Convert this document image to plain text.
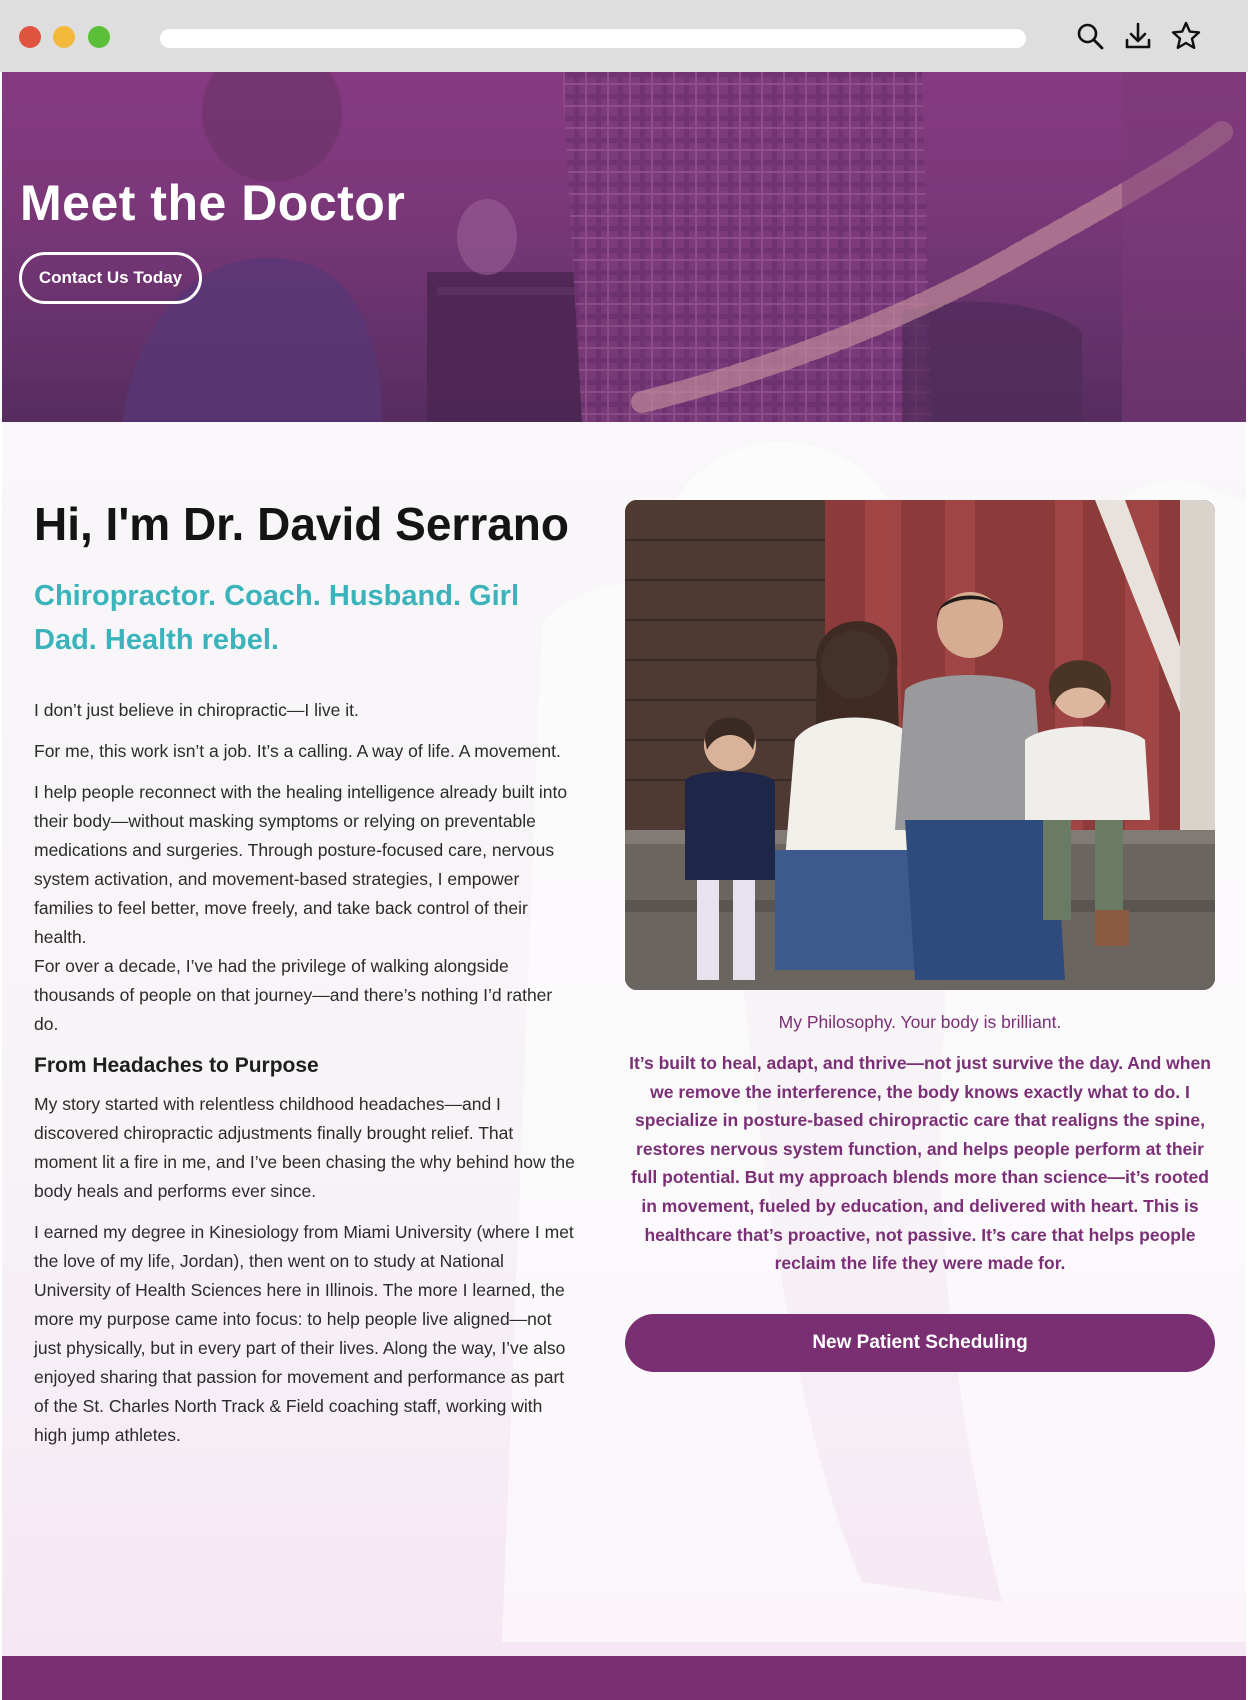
Meet the Doctor
Contact Us Today
Hi, I'm Dr. David Serrano

Chiropractor. Coach. Husband. Girl Dad. Health rebel.

I don’t just believe in chiropractic—I live it.

For me, this work isn’t a job. It’s a calling. A way of life. A movement.

I help people reconnect with the healing intelligence already built into their body—without masking symptoms or relying on preventable medications and surgeries. Through posture-focused care, nervous system activation, and movement-based strategies, I empower families to feel better, move freely, and take back control of their health.

For over a decade, I’ve had the privilege of walking alongside thousands of people on that journey—and there’s nothing I’d rather do.

From Headaches to Purpose

My story started with relentless childhood headaches—and I discovered chiropractic adjustments finally brought relief. That moment lit a fire in me, and I’ve been chasing the why behind how the body heals and performs ever since.

I earned my degree in Kinesiology from Miami University (where I met the love of my life, Jordan), then went on to study at National University of Health Sciences here in Illinois. The more I learned, the more my purpose came into focus: to help people live aligned—not just physically, but in every part of their lives. Along the way, I’ve also enjoyed sharing that passion for movement and performance as part of the St. Charles North Track & Field coaching staff, working with high jump athletes.

My Philosophy. Your body is brilliant.

It’s built to heal, adapt, and thrive—not just survive the day. And when we remove the interference, the body knows exactly what to do. I specialize in posture-based chiropractic care that realigns the spine, restores nervous system function, and helps people perform at their full potential. But my approach blends more than science—it’s rooted in movement, fueled by education, and delivered with heart. This is healthcare that’s proactive, not passive. It’s care that helps people reclaim the life they were made for.

New Patient Scheduling
